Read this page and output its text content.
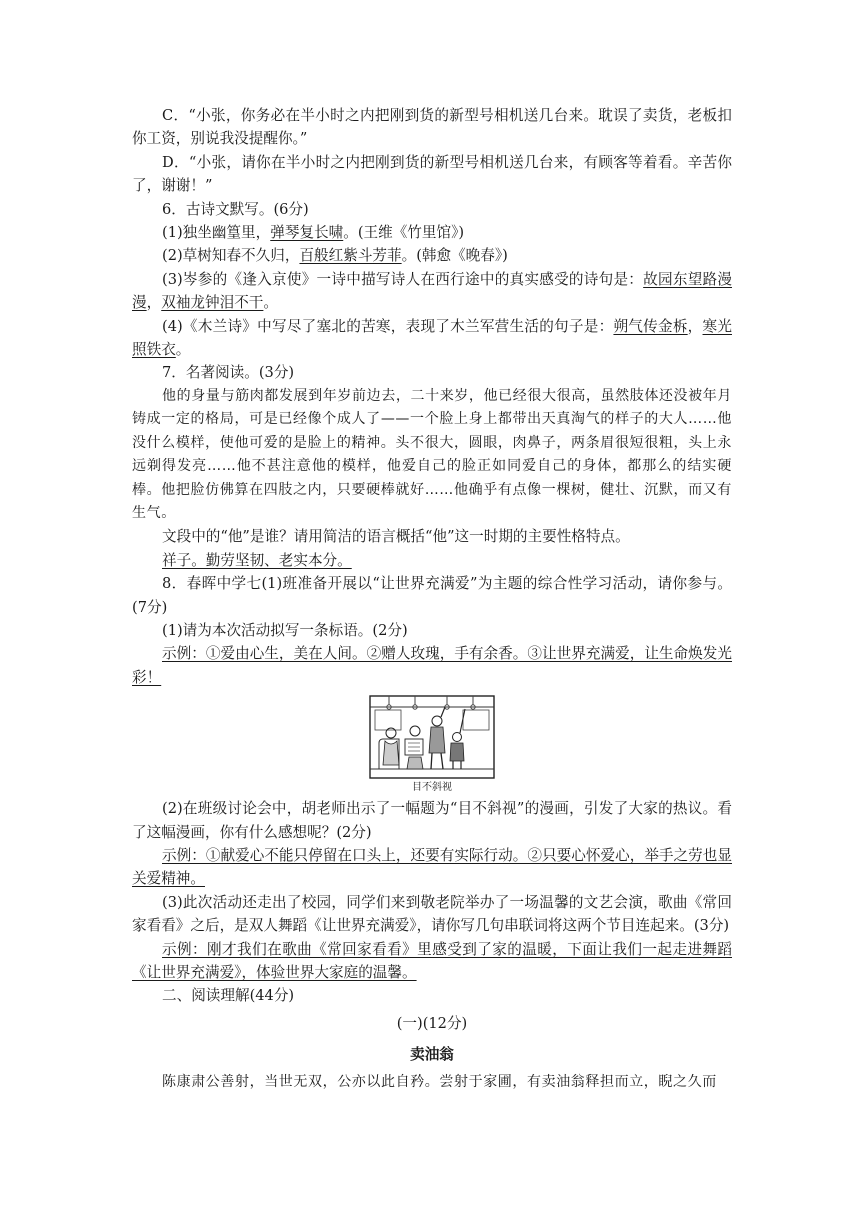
C．“小张，你务必在半小时之内把刚到货的新型号相机送几台来。耽误了卖货，老板扣你工资，别说我没提醒你。”

D．“小张，请你在半小时之内把刚到货的新型号相机送几台来，有顾客等着看。辛苦你了，谢谢！”

6．古诗文默写。(6分)

(1)独坐幽篁里，弹琴复长啸。(王维《竹里馆》)

(2)草树知春不久归，百般红紫斗芳菲。(韩愈《晚春》)

(3)岑参的《逢入京使》一诗中描写诗人在西行途中的真实感受的诗句是：故园东望路漫漫，双袖龙钟泪不干。

(4)《木兰诗》中写尽了塞北的苦寒，表现了木兰军营生活的句子是：朔气传金柝，寒光照铁衣。

7．名著阅读。(3分)

他的身量与筋肉都发展到年岁前边去，二十来岁，他已经很大很高，虽然肢体还没被年月铸成一定的格局，可是已经像个成人了——一个脸上身上都带出天真淘气的样子的大人……他没什么模样，使他可爱的是脸上的精神。头不很大，圆眼，肉鼻子，两条眉很短很粗，头上永远剃得发亮……他不甚注意他的模样，他爱自己的脸正如同爱自己的身体，都那么的结实硬棒。他把脸仿佛算在四肢之内，只要硬棒就好……他确乎有点像一棵树，健壮、沉默，而又有生气。

文段中的“他”是谁？请用简洁的语言概括“他”这一时期的主要性格特点。

祥子。勤劳坚韧、老实本分。

8．春晖中学七(1)班准备开展以“让世界充满爱”为主题的综合性学习活动，请你参与。(7分)

(1)请为本次活动拟写一条标语。(2分)

示例：①爱由心生，美在人间。②赠人玫瑰，手有余香。③让世界充满爱，让生命焕发光彩！

目不斜视

(2)在班级讨论会中，胡老师出示了一幅题为“目不斜视”的漫画，引发了大家的热议。看了这幅漫画，你有什么感想呢？(2分)

示例：①献爱心不能只停留在口头上，还要有实际行动。②只要心怀爱心，举手之劳也显关爱精神。

(3)此次活动还走出了校园，同学们来到敬老院举办了一场温馨的文艺会演，歌曲《常回家看看》之后，是双人舞蹈《让世界充满爱》，请你写几句串联词将这两个节目连起来。(3分)

示例：刚才我们在歌曲《常回家看看》里感受到了家的温暖，下面让我们一起走进舞蹈《让世界充满爱》，体验世界大家庭的温馨。

二、阅读理解(44分)

(一)(12分)

卖油翁

陈康肃公善射，当世无双，公亦以此自矜。尝射于家圃，有卖油翁释担而立，睨之久而
